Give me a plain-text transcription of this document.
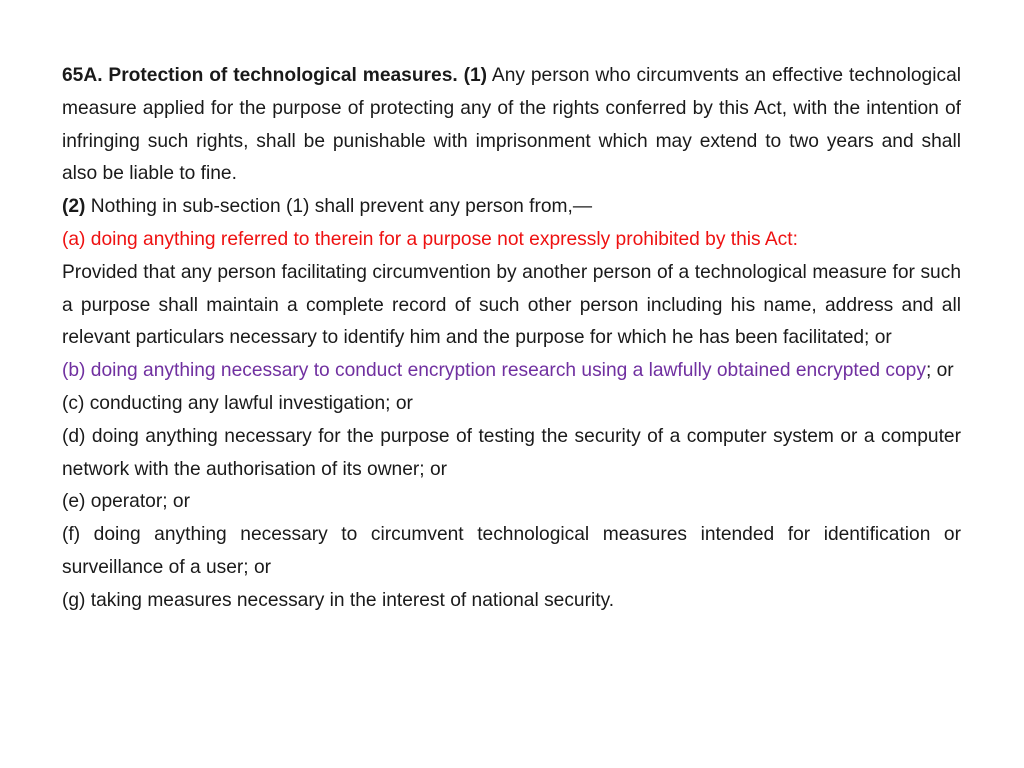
65A. Protection of technological measures. (1) Any person who circumvents an effective technological measure applied for the purpose of protecting any of the rights conferred by this Act, with the intention of infringing such rights, shall be punishable with imprisonment which may extend to two years and shall also be liable to fine.

(2) Nothing in sub-section (1) shall prevent any person from,—

(a) doing anything referred to therein for a purpose not expressly prohibited by this Act:

Provided that any person facilitating circumvention by another person of a technological measure for such a purpose shall maintain a complete record of such other person including his name, address and all relevant particulars necessary to identify him and the purpose for which he has been facilitated; or

(b) doing anything necessary to conduct encryption research using a lawfully obtained encrypted copy; or

(c) conducting any lawful investigation; or

(d) doing anything necessary for the purpose of testing the security of a computer system or a computer network with the authorisation of its owner; or

(e) operator; or

(f) doing anything necessary to circumvent technological measures intended for identification or surveillance of a user; or

(g) taking measures necessary in the interest of national security.
